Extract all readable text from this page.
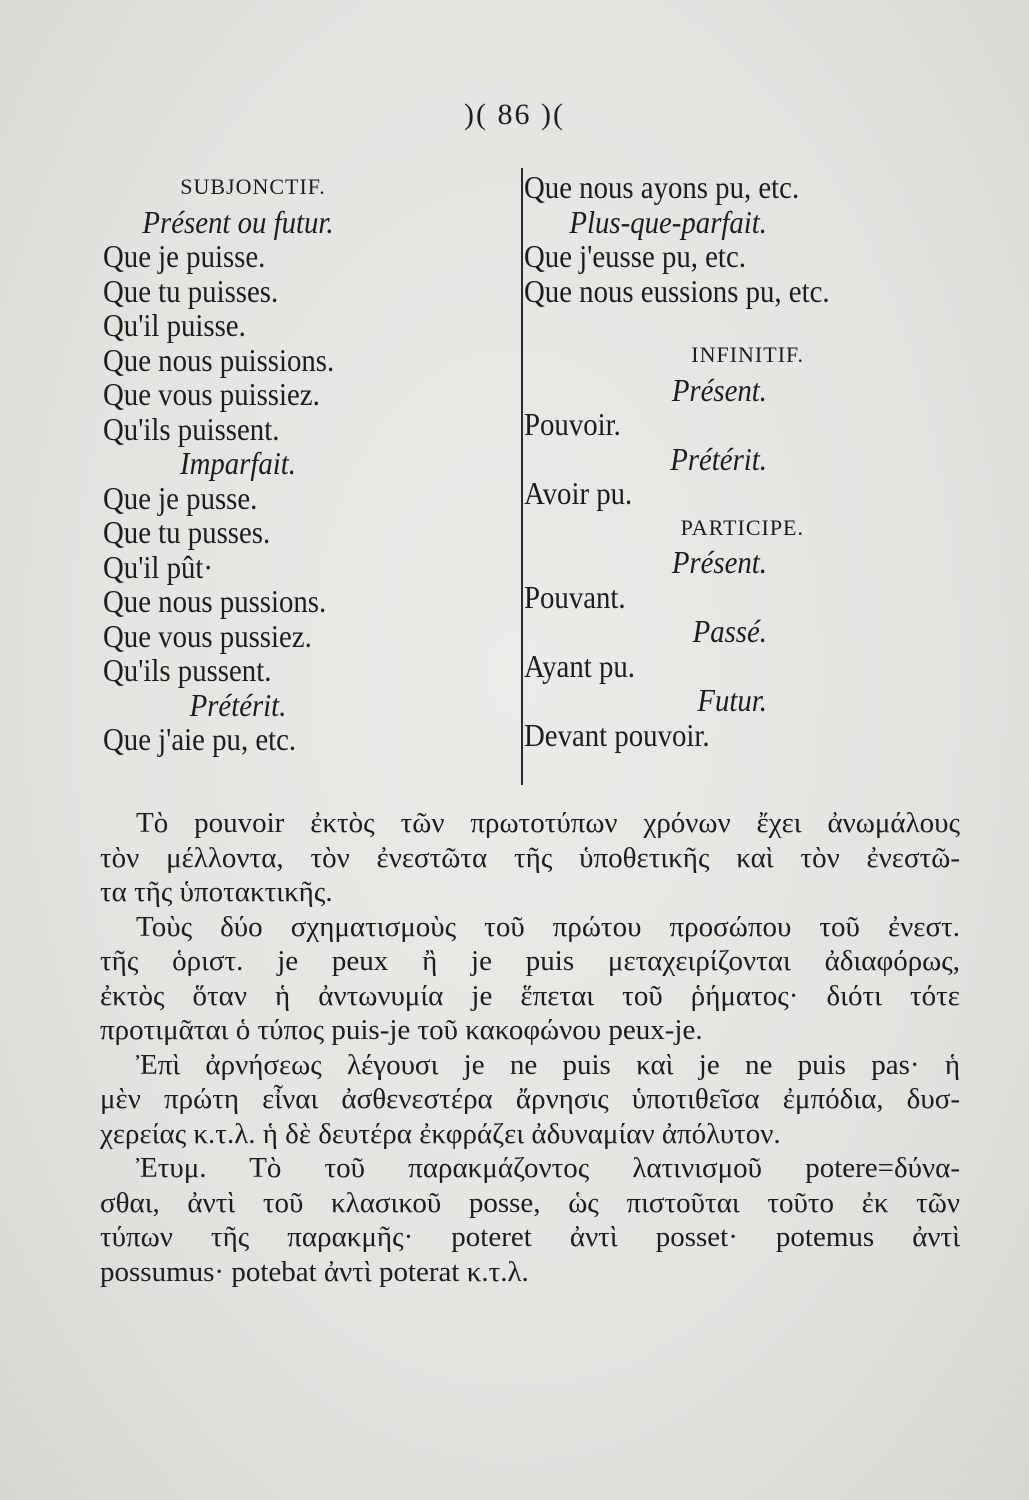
)( 86 )(
SUBJONCTIF.
Présent ou futur.
Que je puisse.
Que tu puisses.
Qu'il puisse.
Que nous puissions.
Que vous puissiez.
Qu'ils puissent.
Imparfait.
Que je pusse.
Que tu pusses.
Qu'il pût·
Que nous pussions.
Que vous pussiez.
Qu'ils pussent.
Prétérit.
Que j'aie pu, etc.
Que nous ayons pu, etc.
Plus-que-parfait.
Que j'eusse pu, etc.
Que nous eussions pu, etc.
INFINITIF.
Présent.
Pouvoir.
Prétérit.
Avoir pu.
PARTICIPE.
Présent.
Pouvant.
Passé.
Ayant pu.
Futur.
Devant pouvoir.
Τὸ pouvoir ἐκτὸς τῶν πρωτοτύπων χρόνων ἔχει ἀνωμάλους
τὸν μέλλοντα, τὸν ἐνεστῶτα τῆς ὑποθετικῆς καὶ τὸν ἐνεστῶ-
τα τῆς ὑποτακτικῆς.
Τοὺς δύο σχηματισμοὺς τοῦ πρώτου προσώπου τοῦ ἐνεστ.
τῆς ὁριστ. je peux ἢ je puis μεταχειρίζονται ἀδιαφόρως,
ἐκτὸς ὅταν ἡ ἀντωνυμία je ἕπεται τοῦ ῥήματος· διότι τότε
προτιμᾶται ὁ τύπος puis-je τοῦ κακοφώνου peux-je.
Ἐπὶ ἀρνήσεως λέγουσι je ne puis καὶ je ne puis pas· ἡ
μὲν πρώτη εἶναι ἀσθενεστέρα ἄρνησις ὑποτιθεῖσα ἐμπόδια, δυσ-
χερείας κ.τ.λ. ἡ δὲ δευτέρα ἐκφράζει ἀδυναμίαν ἀπόλυτον.
Ἐτυμ. Τὸ τοῦ παρακμάζοντος λατινισμοῦ potere=δύνα-
σθαι, ἀντὶ τοῦ κλασικοῦ posse, ὡς πιστοῦται τοῦτο ἐκ τῶν
τύπων τῆς παρακμῆς· poteret ἀντὶ posset· potemus ἀντὶ
possumus· potebat ἀντὶ poterat κ.τ.λ.
